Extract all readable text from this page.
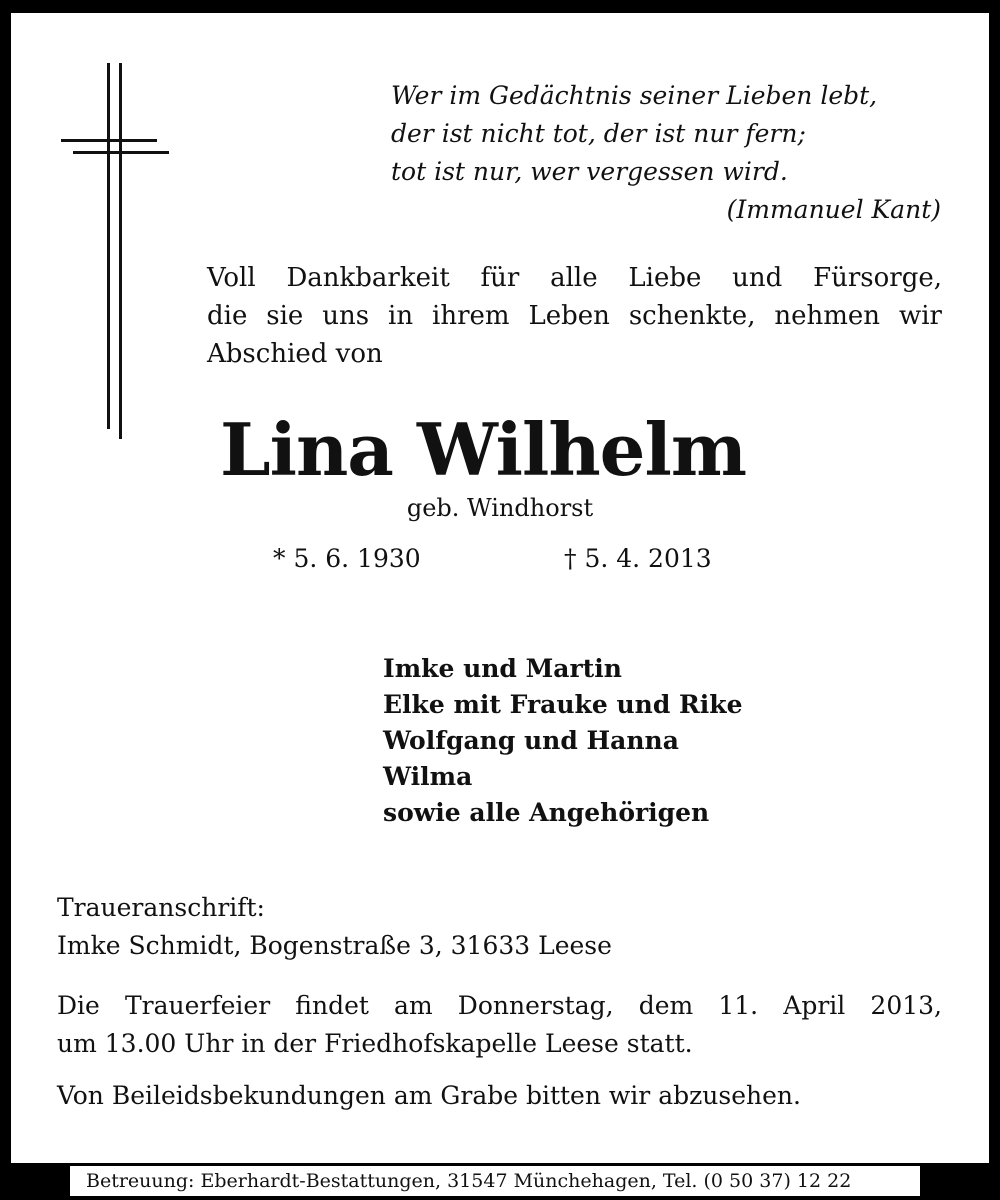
Wer im Gedächtnis seiner Lieben lebt,
der ist nicht tot, der ist nur fern;
tot ist nur, wer vergessen wird.
(Immanuel Kant)
Voll Dankbarkeit für alle Liebe und Fürsorge,
die sie uns in ihrem Leben schenkte, nehmen wir
Abschied von
Lina Wilhelm
geb. Windhorst
* 5. 6. 1930	† 5. 4. 2013
Imke und Martin
Elke mit Frauke und Rike
Wolfgang und Hanna
Wilma
sowie alle Angehörigen
Traueranschrift:
Imke Schmidt, Bogenstraße 3, 31633 Leese
Die Trauerfeier findet am Donnerstag, dem 11. April 2013,
um 13.00 Uhr in der Friedhofskapelle Leese statt.
Von Beileidsbekundungen am Grabe bitten wir abzusehen.
Betreuung: Eberhardt-Bestattungen, 31547 Münchehagen, Tel. (0 50 37) 12 22
